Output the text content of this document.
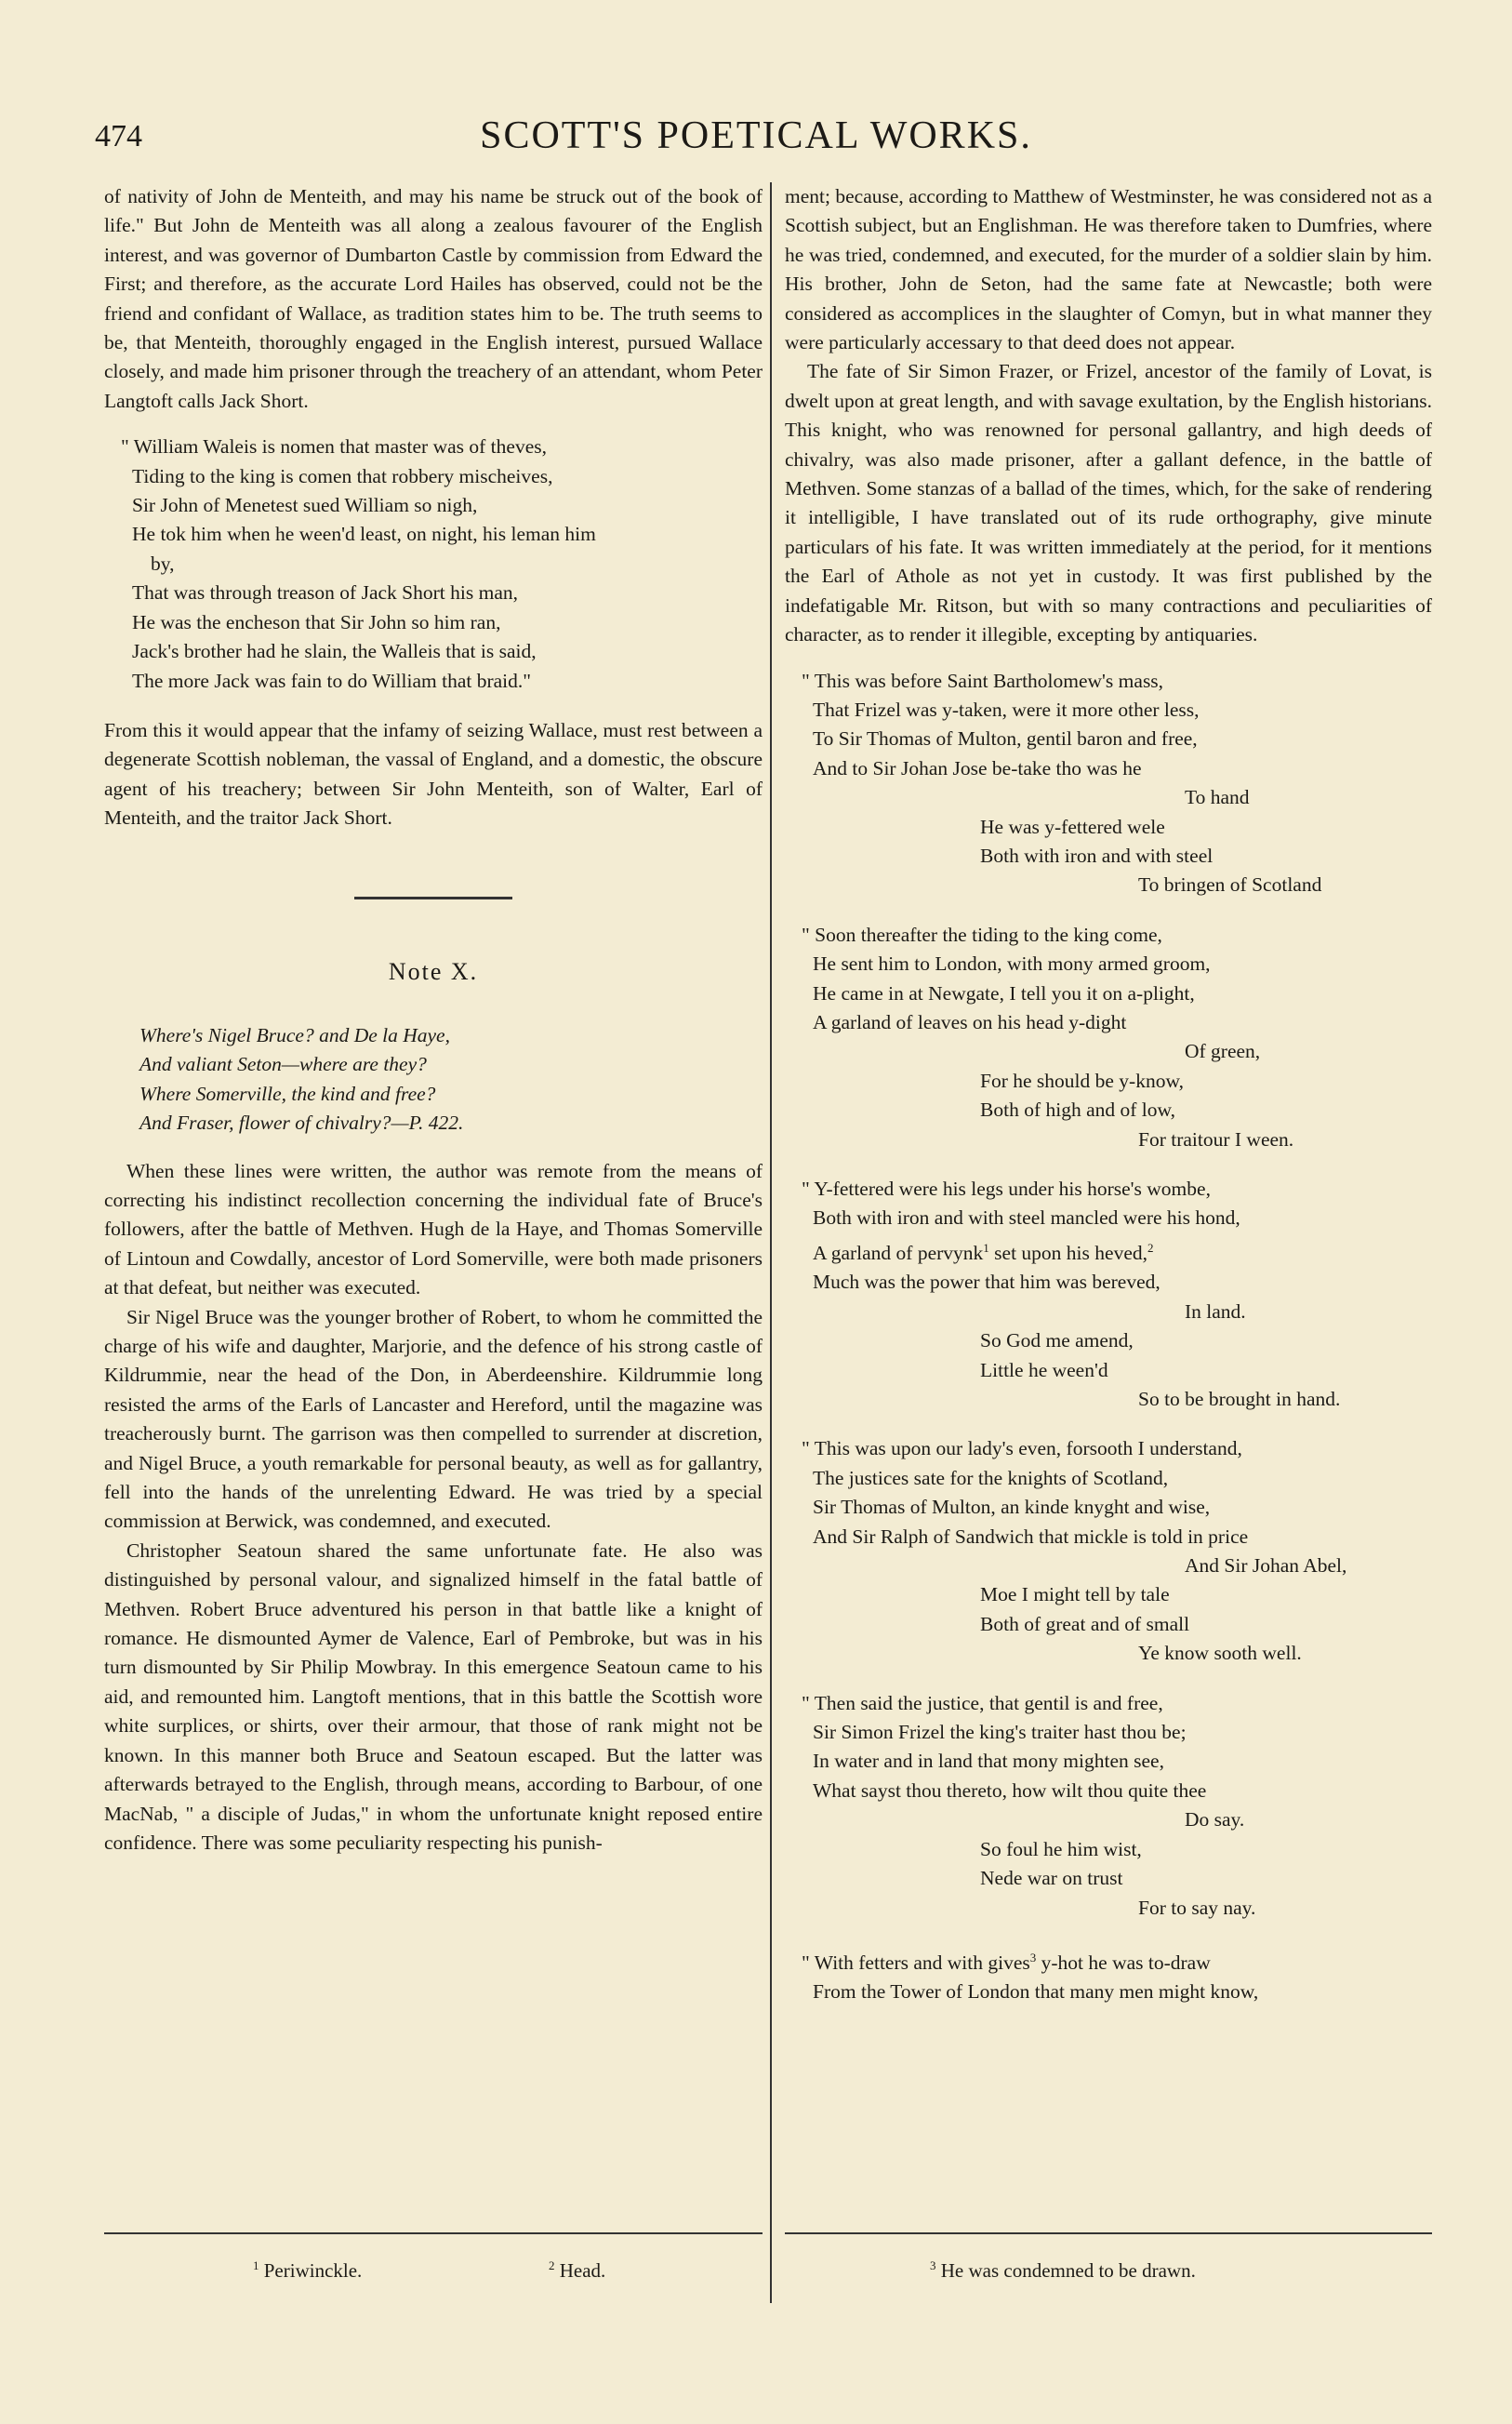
474	SCOTT'S POETICAL WORKS.

of nativity of John de Menteith, and may his name be struck out of the book of life." But John de Menteith was all along a zealous favourer of the English interest, and was governor of Dumbarton Castle by commission from Edward the First; and therefore, as the accurate Lord Hailes has observed, could not be the friend and confidant of Wallace, as tradition states him to be. The truth seems to be, that Menteith, thoroughly engaged in the English interest, pursued Wallace closely, and made him prisoner through the treachery of an attendant, whom Peter Langtoft calls Jack Short.

" William Waleis is nomen that master was of theves,
Tiding to the king is comen that robbery mischeives,
Sir John of Menetest sued William so nigh,
He tok him when he ween'd least, on night, his leman him
by,
That was through treason of Jack Short his man,
He was the encheson that Sir John so him ran,
Jack's brother had he slain, the Walleis that is said,
The more Jack was fain to do William that braid."

From this it would appear that the infamy of seizing Wallace, must rest between a degenerate Scottish nobleman, the vassal of England, and a domestic, the obscure agent of his treachery; between Sir John Menteith, son of Walter, Earl of Menteith, and the traitor Jack Short.

Note X.
Where's Nigel Bruce? and De la Haye,
And valiant Seton—where are they?
Where Somerville, the kind and free?
And Fraser, flower of chivalry?—P. 422.

When these lines were written, the author was remote from the means of correcting his indistinct recollection concerning the individual fate of Bruce's followers, after the battle of Methven. Hugh de la Haye, and Thomas Somerville of Lintoun and Cowdally, ancestor of Lord Somerville, were both made prisoners at that defeat, but neither was executed.

Sir Nigel Bruce was the younger brother of Robert, to whom he committed the charge of his wife and daughter, Marjorie, and the defence of his strong castle of Kildrummie, near the head of the Don, in Aberdeenshire. Kildrummie long resisted the arms of the Earls of Lancaster and Hereford, until the magazine was treacherously burnt. The garrison was then compelled to surrender at discretion, and Nigel Bruce, a youth remarkable for personal beauty, as well as for gallantry, fell into the hands of the unrelenting Edward. He was tried by a special commission at Berwick, was condemned, and executed.

Christopher Seatoun shared the same unfortunate fate. He also was distinguished by personal valour, and signalized himself in the fatal battle of Methven. Robert Bruce adventured his person in that battle like a knight of romance. He dismounted Aymer de Valence, Earl of Pembroke, but was in his turn dismounted by Sir Philip Mowbray. In this emergence Seatoun came to his aid, and remounted him. Langtoft mentions, that in this battle the Scottish wore white surplices, or shirts, over their armour, that those of rank might not be known. In this manner both Bruce and Seatoun escaped. But the latter was afterwards betrayed to the English, through means, according to Barbour, of one MacNab, " a disciple of Judas," in whom the unfortunate knight reposed entire confidence. There was some peculiarity respecting his punish-

ment; because, according to Matthew of Westminster, he was considered not as a Scottish subject, but an Englishman. He was therefore taken to Dumfries, where he was tried, condemned, and executed, for the murder of a soldier slain by him. His brother, John de Seton, had the same fate at Newcastle; both were considered as accomplices in the slaughter of Comyn, but in what manner they were particularly accessary to that deed does not appear.

The fate of Sir Simon Frazer, or Frizel, ancestor of the family of Lovat, is dwelt upon at great length, and with savage exultation, by the English historians. This knight, who was renowned for personal gallantry, and high deeds of chivalry, was also made prisoner, after a gallant defence, in the battle of Methven. Some stanzas of a ballad of the times, which, for the sake of rendering it intelligible, I have translated out of its rude orthography, give minute particulars of his fate. It was written immediately at the period, for it mentions the Earl of Athole as not yet in custody. It was first published by the indefatigable Mr. Ritson, but with so many contractions and peculiarities of character, as to render it illegible, excepting by antiquaries.

" This was before Saint Bartholomew's mass,
That Frizel was y-taken, were it more other less,
To Sir Thomas of Multon, gentil baron and free,
And to Sir Johan Jose be-take tho was he
To hand
He was y-fettered wele
Both with iron and with steel
To bringen of Scotland
" Soon thereafter the tiding to the king come,
He sent him to London, with mony armed groom,
He came in at Newgate, I tell you it on a-plight,
A garland of leaves on his head y-dight
Of green,
For he should be y-know,
Both of high and of low,
For traitour I ween.
" Y-fettered were his legs under his horse's wombe,
Both with iron and with steel mancled were his hond,
A garland of pervynk$^1$ set upon his heved,$^2$
Much was the power that him was bereved,
In land.
So God me amend,
Little he ween'd
So to be brought in hand.
" This was upon our lady's even, forsooth I understand,
The justices sate for the knights of Scotland,
Sir Thomas of Multon, an kinde knyght and wise,
And Sir Ralph of Sandwich that mickle is told in price
And Sir Johan Abel,
Moe I might tell by tale
Both of great and of small
Ye know sooth well.
" Then said the justice, that gentil is and free,
Sir Simon Frizel the king's traiter hast thou be;
In water and in land that mony mighten see,
What sayst thou thereto, how wilt thou quite thee
Do say.
So foul he him wist,
Nede war on trust
For to say nay.
" With fetters and with gives$^3$ y-hot he was to-draw
From the Tower of London that many men might know,
$^1$ Periwinckle.	$^2$ Head.	$^3$ He was condemned to be drawn.
